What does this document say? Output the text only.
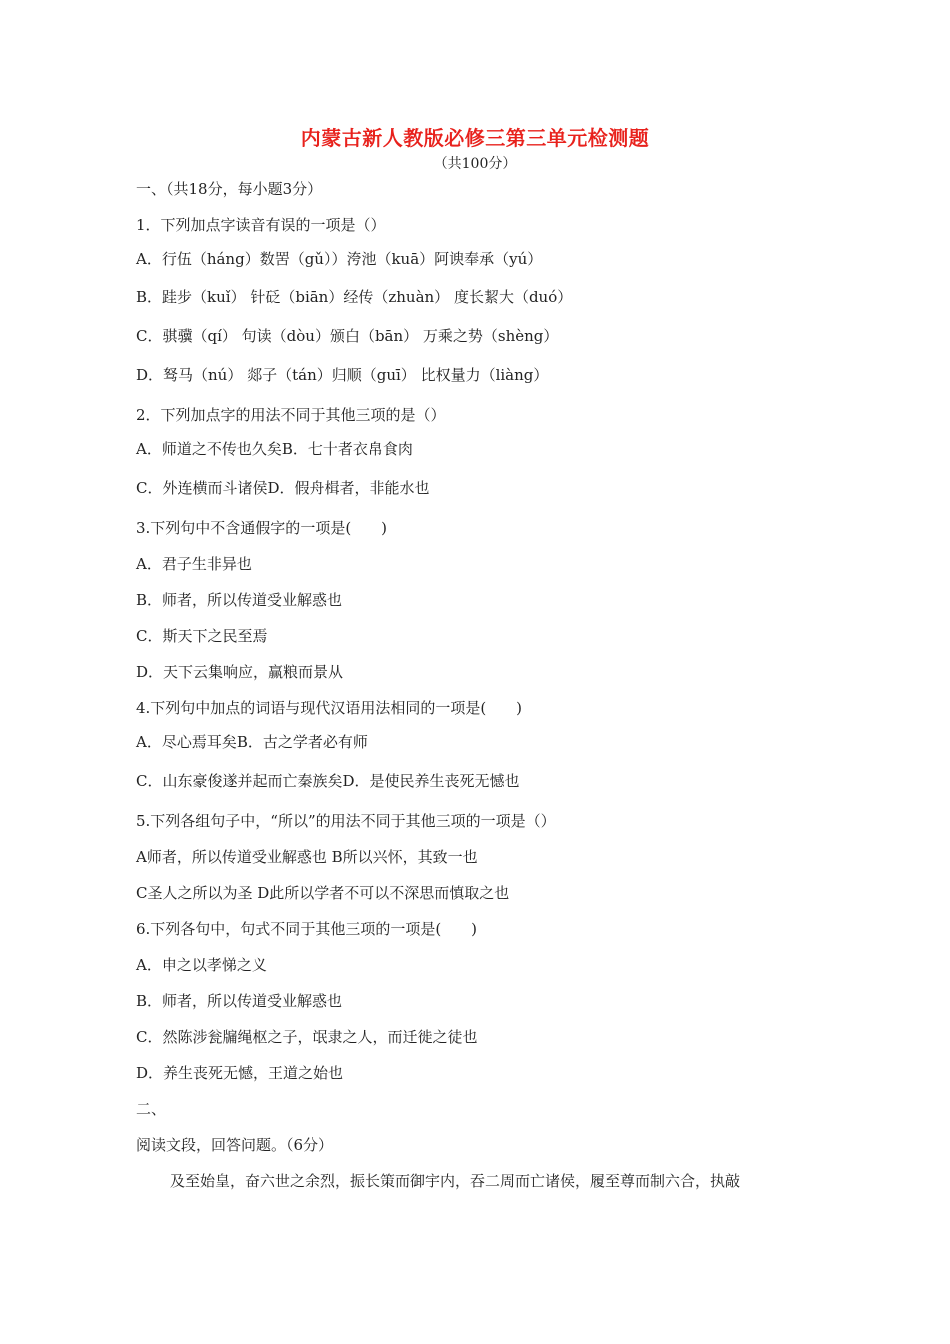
内蒙古新人教版必修三第三单元检测题
（共100分）
一、（共18分，每小题3分）
1．下列加点字读音有误的一项是（）
A．行伍（háng）数罟（gǔ））洿池（kuā）阿谀奉承（yú）
B．跬步（kuǐ） 针砭（biān）经传（zhuàn） 度长絜大（duó）
C．骐骥（qí） 句读（dòu）颁白（bān） 万乘之势（shèng）
D．驽马（nú） 郯子（tán）归顺（guī） 比权量力（liàng）
2．下列加点字的用法不同于其他三项的是（）
A．师道之不传也久矣B．七十者衣帛食肉
C．外连横而斗诸侯D．假舟楫者，非能水也
3.下列句中不含通假字的一项是(　　)
A．君子生非异也
B．师者，所以传道受业解惑也
C．斯天下之民至焉
D．天下云集响应，赢粮而景从
4.下列句中加点的词语与现代汉语用法相同的一项是(　　)
A．尽心焉耳矣B．古之学者必有师
C．山东豪俊遂并起而亡秦族矣D．是使民养生丧死无憾也
5.下列各组句子中，“所以”的用法不同于其他三项的一项是（）
A师者，所以传道受业解惑也 B所以兴怀，其致一也
C圣人之所以为圣 D此所以学者不可以不深思而慎取之也
6.下列各句中，句式不同于其他三项的一项是(　　)
A．申之以孝悌之义
B．师者，所以传道受业解惑也
C．然陈涉瓮牖绳枢之子，氓隶之人，而迁徙之徒也
D．养生丧死无憾，王道之始也
二、
阅读文段，回答问题。（6分）
及至始皇，奋六世之余烈，振长策而御宇内，吞二周而亡诸侯，履至尊而制六合，执敲
